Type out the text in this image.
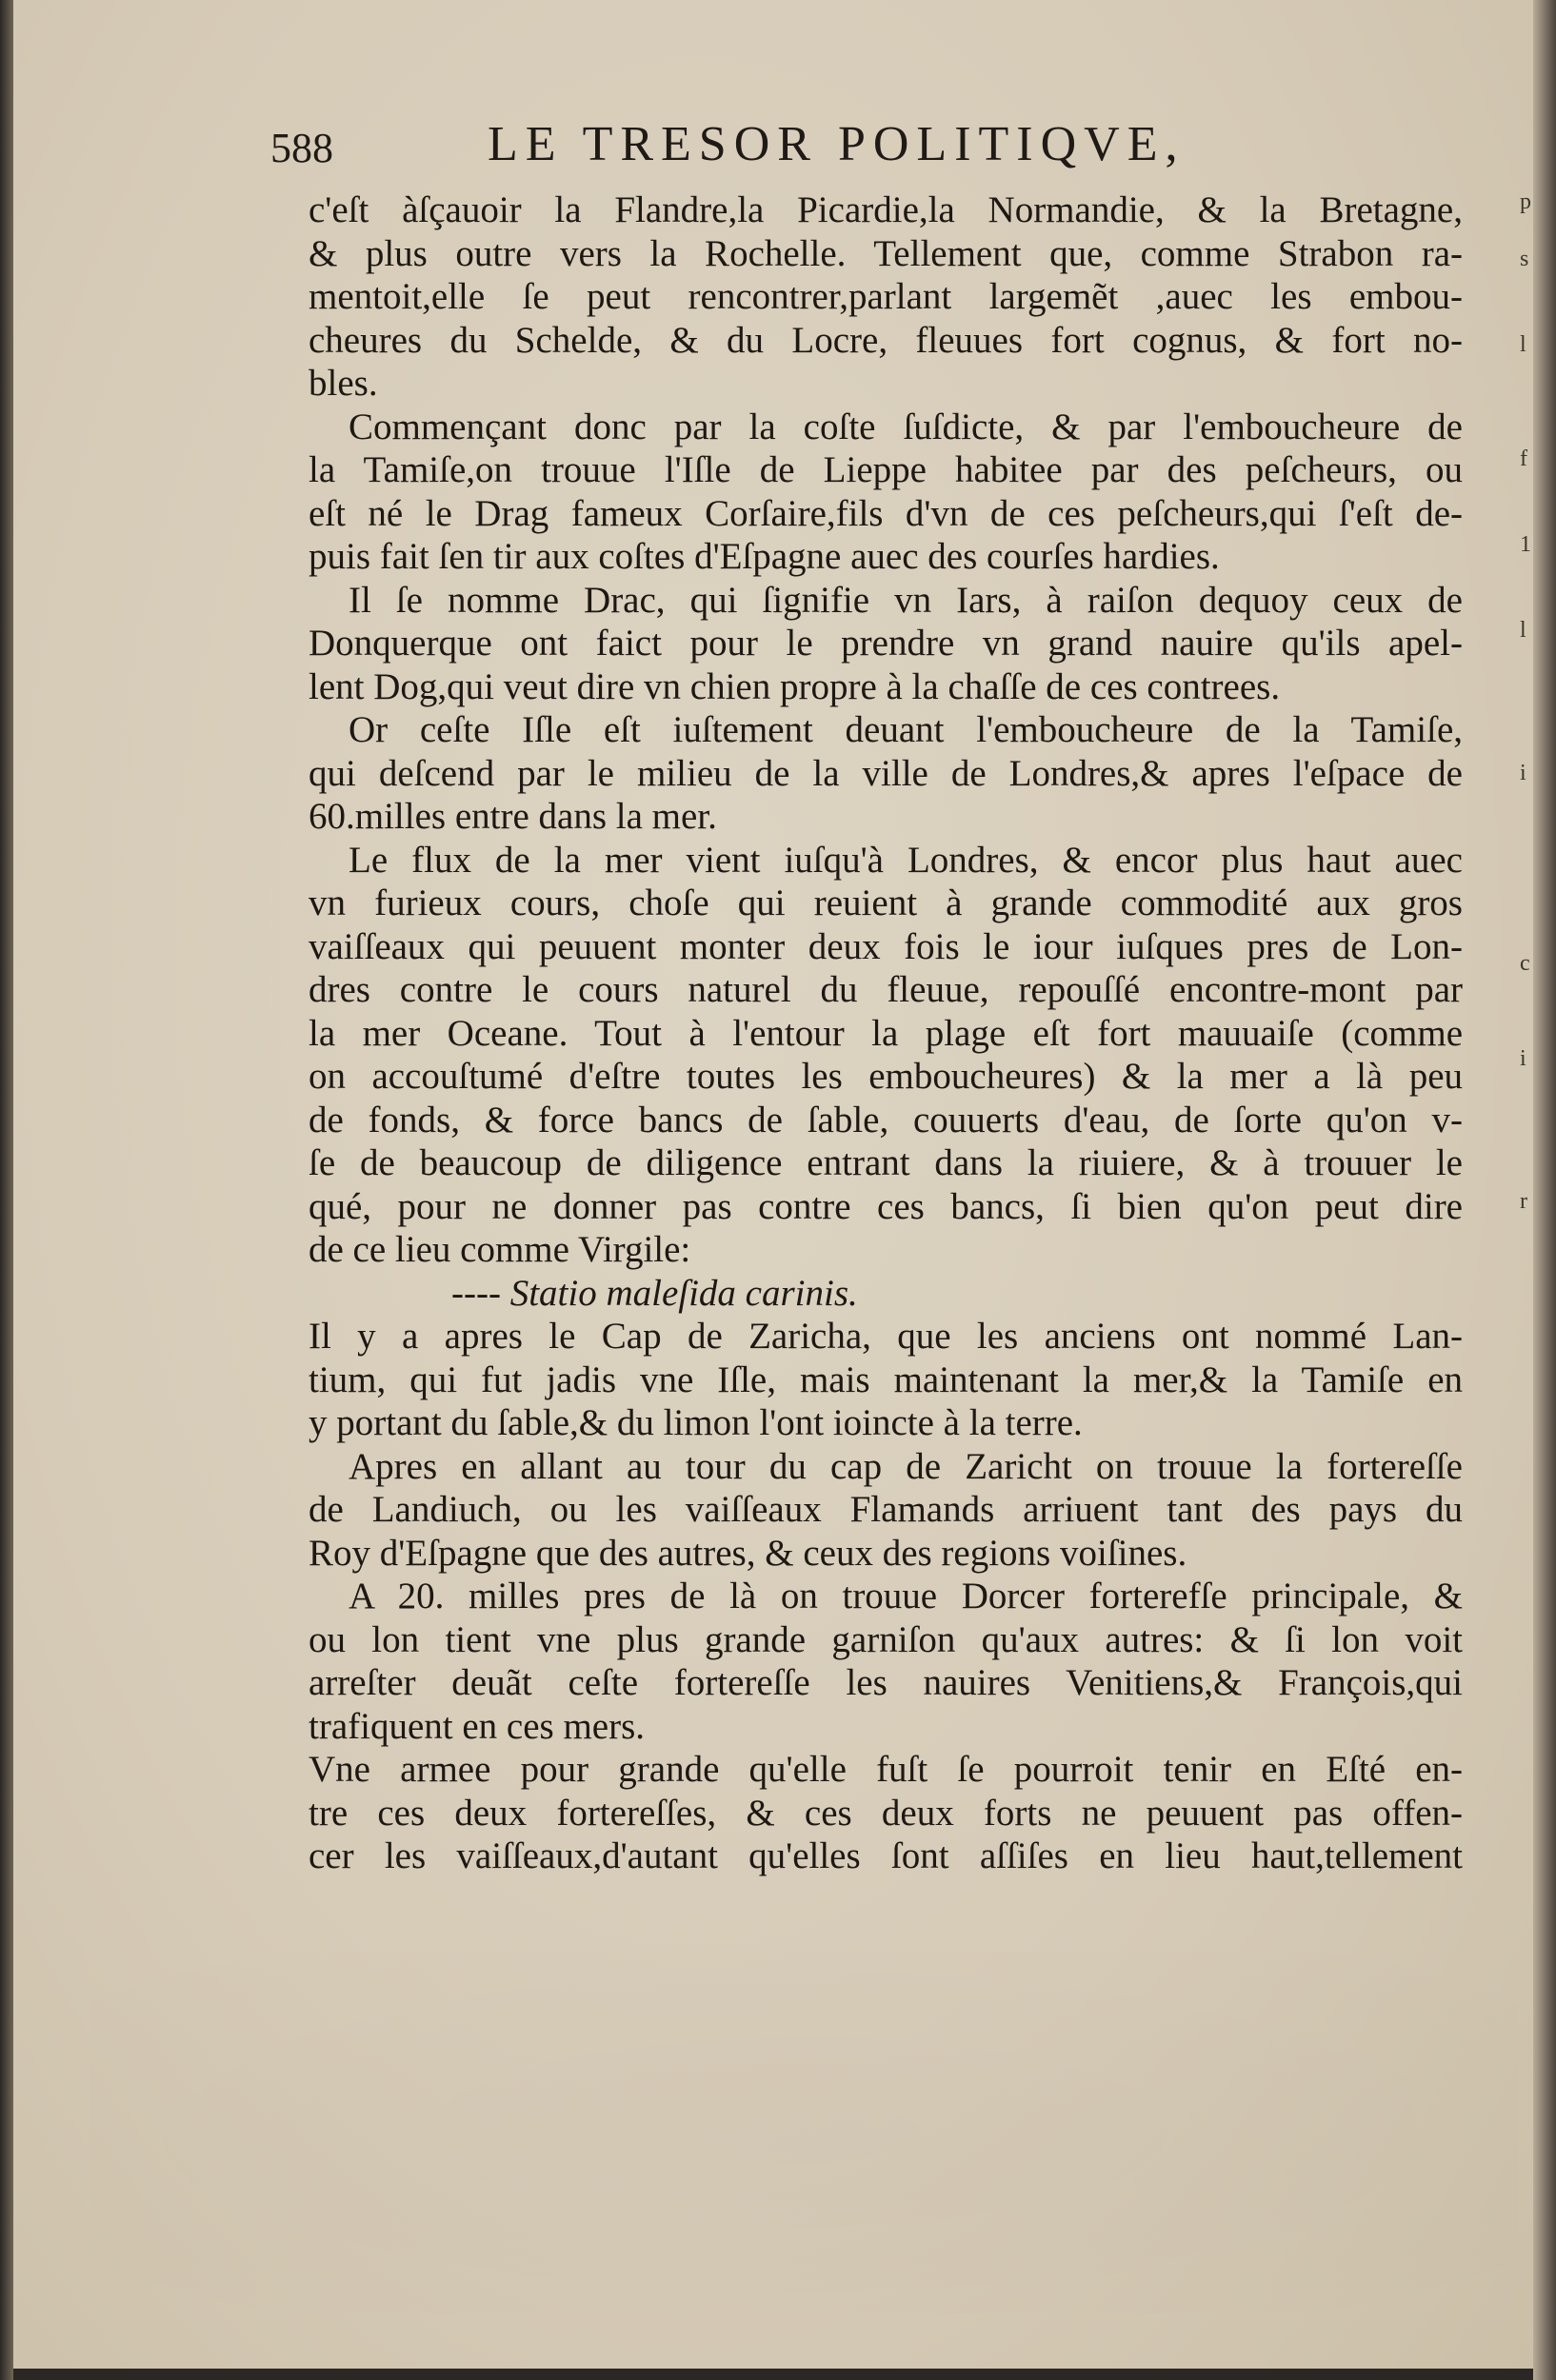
588	LE TRESOR POLITIQVE,
c'eſt àſçauoir la Flandre,la Picardie,la Normandie, & la Bretagne,
& plus outre vers la Rochelle. Tellement que, comme Strabon ra-
mentoit,elle ſe peut rencontrer,parlant largemẽt ,auec les embou-
cheures du Schelde, & du Locre, fleuues fort cognus, & fort no-
bles.
Commençant donc par la coſte ſuſdicte, & par l'emboucheure de
la Tamiſe,on trouue l'Iſle de Lieppe habitee par des peſcheurs, ou
eſt né le Drag fameux Corſaire,fils d'vn de ces peſcheurs,qui ſ'eſt de-
puis fait ſen tir aux coſtes d'Eſpagne auec des courſes hardies.
Il ſe nomme Drac, qui ſignifie vn Iars, à raiſon dequoy ceux de
Donquerque ont faict pour le prendre vn grand nauire qu'ils apel-
lent Dog,qui veut dire vn chien propre à la chaſſe de ces contrees.
Or ceſte Iſle eſt iuſtement deuant l'emboucheure de la Tamiſe,
qui deſcend par le milieu de la ville de Londres,& apres l'eſpace de
60.milles entre dans la mer.
Le flux de la mer vient iuſqu'à Londres, & encor plus haut auec
vn furieux cours, choſe qui reuient à grande commodité aux gros
vaiſſeaux qui peuuent monter deux fois le iour iuſques pres de Lon-
dres contre le cours naturel du fleuue, repouſſé encontre-mont par
la mer Oceane. Tout à l'entour la plage eſt fort mauuaiſe (comme
on accouſtumé d'eſtre toutes les emboucheures) & la mer a là peu
de fonds, & force bancs de ſable, couuerts d'eau, de ſorte qu'on v-
ſe de beaucoup de diligence entrant dans la riuiere, & à trouuer le
qué, pour ne donner pas contre ces bancs, ſi bien qu'on peut dire
de ce lieu comme Virgile:
---- Statio maleſida carinis.
Il y a apres le Cap de Zaricha, que les anciens ont nommé Lan-
tium, qui fut jadis vne Iſle, mais maintenant la mer,& la Tamiſe en
y portant du ſable,& du limon l'ont ioincte à la terre.
Apres en allant au tour du cap de Zaricht on trouue la fortereſſe
de Landiuch, ou les vaiſſeaux Flamands arriuent tant des pays du
Roy d'Eſpagne que des autres, & ceux des regions voiſines.
A 20. milles pres de là on trouue Dorcer forterefſe principale, &
ou lon tient vne plus grande garniſon qu'aux autres: & ſi lon voit
arreſter deuãt ceſte fortereſſe les nauires Venitiens,& François,qui
trafiquent en ces mers.
Vne armee pour grande qu'elle fuſt ſe pourroit tenir en Eſté en-
tre ces deux fortereſſes, & ces deux forts ne peuuent pas offen-
cer les vaiſſeaux,d'autant qu'elles ſont aſſiſes en lieu haut,tellement
p
s
l
f
1
l
i
c
i
r
